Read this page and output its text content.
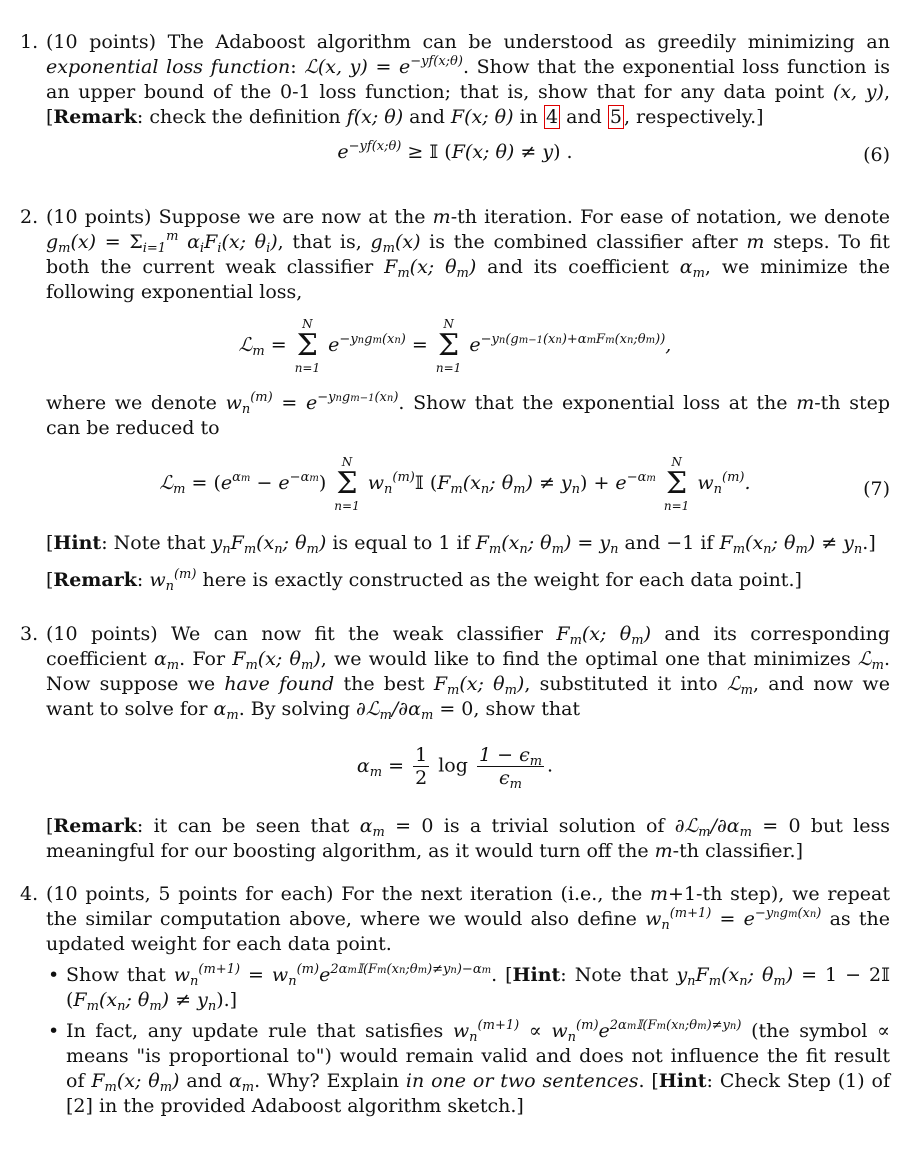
1. (10 points) The Adaboost algorithm can be understood as greedily minimizing an exponential loss function: ℒ(x, $y) = e^{-yf(x;\theta)}$. Show that the exponential loss function is an upper bound of the 0-1 loss function; that is, show that for any data point (x, y), [Remark: check the definition f(x; θ) and F(x; θ) in 4 and 5 , respectively.]
$e^{-yf(x;\theta)}$ ≥ 𝕀 (F(x; θ) ≠ y) .	(6)
2. (10 points) Suppose we are now at the m-th iteration. For ease of notation, we denote $g_m(x) = \Sigma_{i=1}^m$ $\alpha_iF_i(x$; $\theta_i$), that is, $g_m(x)$ is the combined classifier after m steps. To fit both the current weak classifier $F_m(x$; $\theta_m$) and its coefficient $\alpha_m$, we minimize the following exponential loss,
ℒ$_m$ =
N
Σ
n=1
$e^{-yngm(xn)}$ =
N
Σ
n=1
$e^{-yn(gm-1(xn)+\alpha mFm(xn;\theta m))}$,
where we denote $w_n^{(m)} = e^{-yngm-1(xn)}$. Show that the exponential loss at the m-th step can be reduced to
ℒ$_m$ = $(e^{\alpha m} - e^{-\alpha m})$
N
Σ
n=1
$w_n^{(m)}𝕀$ ($F_m(x_n$; $\theta_m) \ne y_n) + e^{-\alpha m}$
N
Σ
n=1
$w_n^{(m)}$.	(7)
[Hint: Note that $y_nF_m(x_n$; $\theta_m$) is equal to 1 if $F_m(x_n$; $\theta_m) = y_n$ and −1 if $F_m(x_n$; $\theta_m) \ne y_n$.]
[Remark: $w_n^{(m)}$ here is exactly constructed as the weight for each data point.]
3. (10 points) We can now fit the weak classifier $F_m(x$; $\theta_m$) and its corresponding coefficient $\alpha_m$. For $F_m(x$; $\theta_m$), we would like to find the optimal one that minimizes ℒ$_m$. Now suppose we have found the best $F_m(x$; $\theta_m$), substituted it into ℒ$_m$, and now we want to solve for $\alpha_m$. By solving $\partial ℒ_m/\partial\alpha_m = 0$, show that
$\alpha_m = \frac{1}{2}$ $\log \frac{1 - \epsilon_m}{\epsilon_m}$ .
[Remark: it can be seen that $\alpha_m = 0$ is a trivial solution of $\partial ℒ_m/\partial\alpha_m = 0$ but less meaningful for our boosting algorithm, as it would turn off the m-th classifier.]
4. (10 points, 5 points for each) For the next iteration (i.e., the m+1-th step), we repeat the similar computation above, where we would also define $w_n^{(m+1)} = e^{-yngm(xn)}$ as the updated weight for each data point.
• Show that $w_n^{(m+1)} = w_n^{(m)}e^{2\alpha m𝕀(Fm(xn;\theta m)\ne yn)-\alpha m}$. [Hint: Note that $y_nF_m(x_n$; $\theta_m) = 1$ − 2𝕀 ($F_m(x_n$; $\theta_m) \ne y_n$).]
• In fact, any update rule that satisfies $w_n^{(m+1)} \propto w_n^{(m)}e^{2\alpha m𝕀(Fm(xn;\theta m)\ne yn)}$ (the symbol ∝ means "is proportional to") would remain valid and does not influence the fit result of $F_m(x$; $\theta_m$) and $\alpha_m$. Why? Explain in one or two sentences. [Hint: Check Step (1) of [2] in the provided Adaboost algorithm sketch.]
